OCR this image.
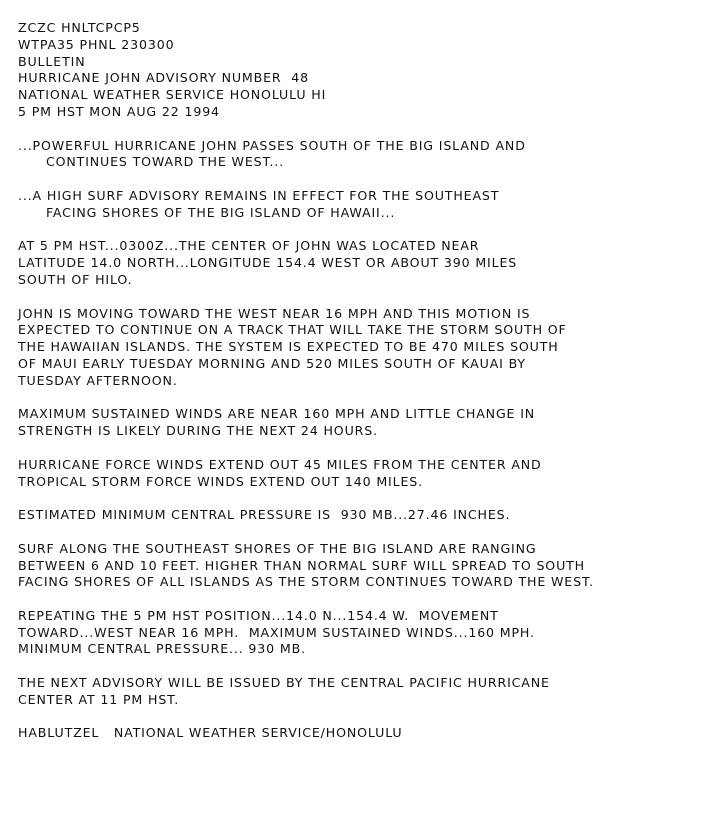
ZCZC HNLTCPCP5
WTPA35 PHNL 230300
BULLETIN
HURRICANE JOHN ADVISORY NUMBER  48
NATIONAL WEATHER SERVICE HONOLULU HI
5 PM HST MON AUG 22 1994
...POWERFUL HURRICANE JOHN PASSES SOUTH OF THE BIG ISLAND AND
CONTINUES TOWARD THE WEST...
...A HIGH SURF ADVISORY REMAINS IN EFFECT FOR THE SOUTHEAST
FACING SHORES OF THE BIG ISLAND OF HAWAII...
AT 5 PM HST...0300Z...THE CENTER OF JOHN WAS LOCATED NEAR
LATITUDE 14.0 NORTH...LONGITUDE 154.4 WEST OR ABOUT 390 MILES
SOUTH OF HILO.
JOHN IS MOVING TOWARD THE WEST NEAR 16 MPH AND THIS MOTION IS
EXPECTED TO CONTINUE ON A TRACK THAT WILL TAKE THE STORM SOUTH OF
THE HAWAIIAN ISLANDS. THE SYSTEM IS EXPECTED TO BE 470 MILES SOUTH
OF MAUI EARLY TUESDAY MORNING AND 520 MILES SOUTH OF KAUAI BY
TUESDAY AFTERNOON.
MAXIMUM SUSTAINED WINDS ARE NEAR 160 MPH AND LITTLE CHANGE IN
STRENGTH IS LIKELY DURING THE NEXT 24 HOURS.
HURRICANE FORCE WINDS EXTEND OUT 45 MILES FROM THE CENTER AND
TROPICAL STORM FORCE WINDS EXTEND OUT 140 MILES.
ESTIMATED MINIMUM CENTRAL PRESSURE IS  930 MB...27.46 INCHES.
SURF ALONG THE SOUTHEAST SHORES OF THE BIG ISLAND ARE RANGING
BETWEEN 6 AND 10 FEET. HIGHER THAN NORMAL SURF WILL SPREAD TO SOUTH
FACING SHORES OF ALL ISLANDS AS THE STORM CONTINUES TOWARD THE WEST.
REPEATING THE 5 PM HST POSITION...14.0 N...154.4 W.  MOVEMENT
TOWARD...WEST NEAR 16 MPH.  MAXIMUM SUSTAINED WINDS...160 MPH.
MINIMUM CENTRAL PRESSURE... 930 MB.
THE NEXT ADVISORY WILL BE ISSUED BY THE CENTRAL PACIFIC HURRICANE
CENTER AT 11 PM HST.
HABLUTZEL   NATIONAL WEATHER SERVICE/HONOLULU
